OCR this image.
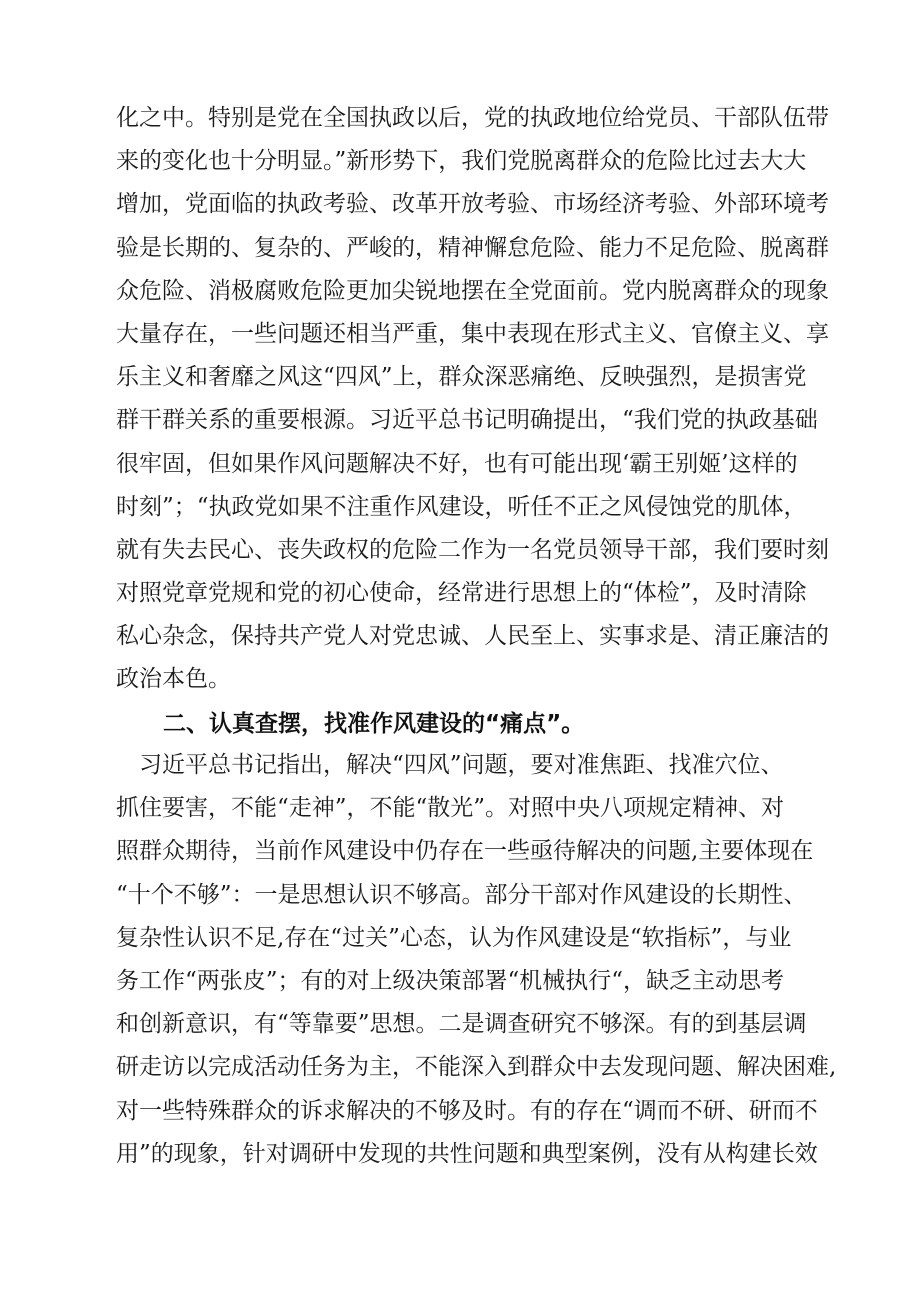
化之中。特别是党在全国执政以后，党的执政地位给党员、干部队伍带
来的变化也十分明显。”新形势下，我们党脱离群众的危险比过去大大
增加，党面临的执政考验、改革开放考验、市场经济考验、外部环境考
验是长期的、复杂的、严峻的，精神懈怠危险、能力不足危险、脱离群
众危险、消极腐败危险更加尖锐地摆在全党面前。党内脱离群众的现象
大量存在，一些问题还相当严重，集中表现在形式主义、官僚主义、享
乐主义和奢靡之风这“四风”上，群众深恶痛绝、反映强烈，是损害党
群干群关系的重要根源。习近平总书记明确提出，“我们党的执政基础
很牢固，但如果作风问题解决不好，也有可能出现‘霸王别姬’这样的
时刻”；“执政党如果不注重作风建设，听任不正之风侵蚀党的肌体，
就有失去民心、丧失政权的危险二作为一名党员领导干部，我们要时刻
对照党章党规和党的初心使命，经常进行思想上的“体检”，及时清除
私心杂念，保持共产党人对党忠诚、人民至上、实事求是、清正廉洁的
政治本色。
二、认真查摆，找准作风建设的“痛点”。
　习近平总书记指出，解决“四风”问题，要对准焦距、找准穴位、
抓住要害，不能“走神”，不能“散光”。对照中央八项规定精神、对
照群众期待，当前作风建设中仍存在一些亟待解决的问题,主要体现在
“十个不够”：一是思想认识不够高。部分干部对作风建设的长期性、
复杂性认识不足,存在“过关”心态，认为作风建设是“软指标”，与业
务工作“两张皮”；有的对上级决策部署“机械执行“，缺乏主动思考
和创新意识，有“等靠要”思想。二是调查研究不够深。有的到基层调
研走访以完成活动任务为主，不能深入到群众中去发现问题、解决困难,
对一些特殊群众的诉求解决的不够及时。有的存在“调而不研、研而不
用”的现象，针对调研中发现的共性问题和典型案例，没有从构建长效
